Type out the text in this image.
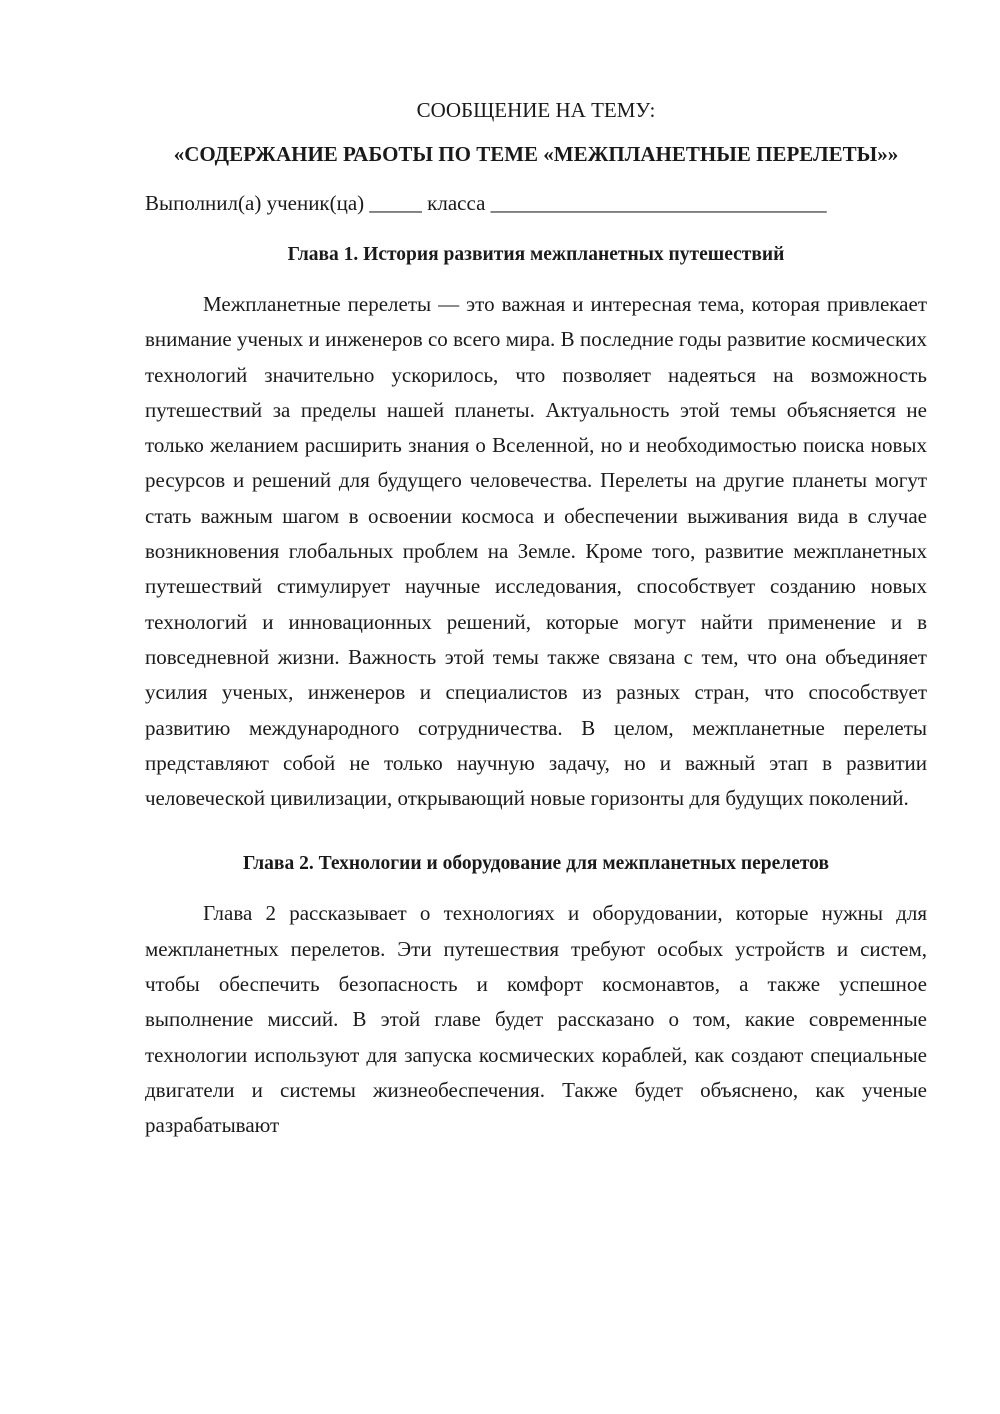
СООБЩЕНИЕ НА ТЕМУ:

«СОДЕРЖАНИЕ РАБОТЫ ПО ТЕМЕ «МЕЖПЛАНЕТНЫЕ ПЕРЕЛЕТЫ»»

Выполнил(а) ученик(ца) _____ класса ________________________________

Глава 1. История развития межпланетных путешествий

Межпланетные перелеты — это важная и интересная тема, которая привлекает внимание ученых и инженеров со всего мира. В последние годы развитие космических технологий значительно ускорилось, что позволяет надеяться на возможность путешествий за пределы нашей планеты. Актуальность этой темы объясняется не только желанием расширить знания о Вселенной, но и необходимостью поиска новых ресурсов и решений для будущего человечества. Перелеты на другие планеты могут стать важным шагом в освоении космоса и обеспечении выживания вида в случае возникновения глобальных проблем на Земле. Кроме того, развитие межпланетных путешествий стимулирует научные исследования, способствует созданию новых технологий и инновационных решений, которые могут найти применение и в повседневной жизни. Важность этой темы также связана с тем, что она объединяет усилия ученых, инженеров и специалистов из разных стран, что способствует развитию международного сотрудничества. В целом, межпланетные перелеты представляют собой не только научную задачу, но и важный этап в развитии человеческой цивилизации, открывающий новые горизонты для будущих поколений.

Глава 2. Технологии и оборудование для межпланетных перелетов

Глава 2 рассказывает о технологиях и оборудовании, которые нужны для межпланетных перелетов. Эти путешествия требуют особых устройств и систем, чтобы обеспечить безопасность и комфорт космонавтов, а также успешное выполнение миссий. В этой главе будет рассказано о том, какие современные технологии используют для запуска космических кораблей, как создают специальные двигатели и системы жизнеобеспечения. Также будет объяснено, как ученые разрабатывают
